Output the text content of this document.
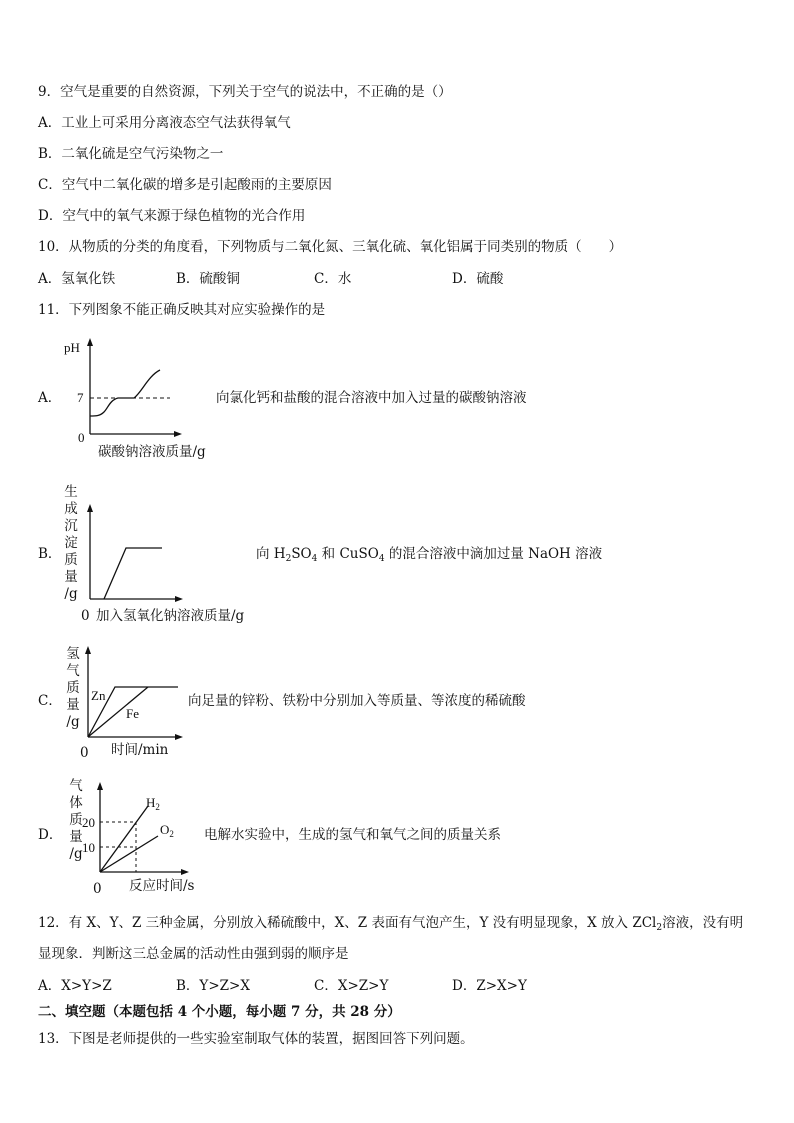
9．空气是重要的自然资源，下列关于空气的说法中，不正确的是（）
A．工业上可采用分离液态空气法获得氧气
B．二氧化硫是空气污染物之一
C．空气中二氧化碳的增多是引起酸雨的主要原因
D．空气中的氧气来源于绿色植物的光合作用
10．从物质的分类的角度看，下列物质与二氧化氮、三氧化硫、氧化铝属于同类别的物质（　　）
A．氢氧化铁	B．硫酸铜	C．水	D．硫酸
11．下列图象不能正确反映其对应实验操作的是
A．
pH
7
0
碳酸钠溶液质量/g
向氯化钙和盐酸的混合溶液中加入过量的碳酸钠溶液
B．
生
成
沉
淀
质
量
/g
0 加入氢氧化钠溶液质量/g
向 $H_2SO_4$ 和 CuSO$_4$ 的混合溶液中滴加过量 NaOH 溶液
C．
氢
气
质
量
/g
Zn
Fe
0 时间/min
向足量的锌粉、铁粉中分别加入等质量、等浓度的稀硫酸
D．
气
体
质
量
/g
20
10
$H_2$
$O_2$
0 反应时间/s
电解水实验中，生成的氢气和氧气之间的质量关系
12．有 X、Y、Z 三种金属，分别放入稀硫酸中，X、Z 表面有气泡产生，Y 没有明显现象，X 放入 ZCl$_2$溶液，没有明
显现象．判断这三总金属的活动性由强到弱的顺序是
A．X>Y>Z	B．Y>Z>X	C．X>Z>Y	D．Z>X>Y
二、填空题（本题包括 4 个小题，每小题 7 分，共 28 分）
13．下图是老师提供的一些实验室制取气体的装置，据图回答下列问题。
